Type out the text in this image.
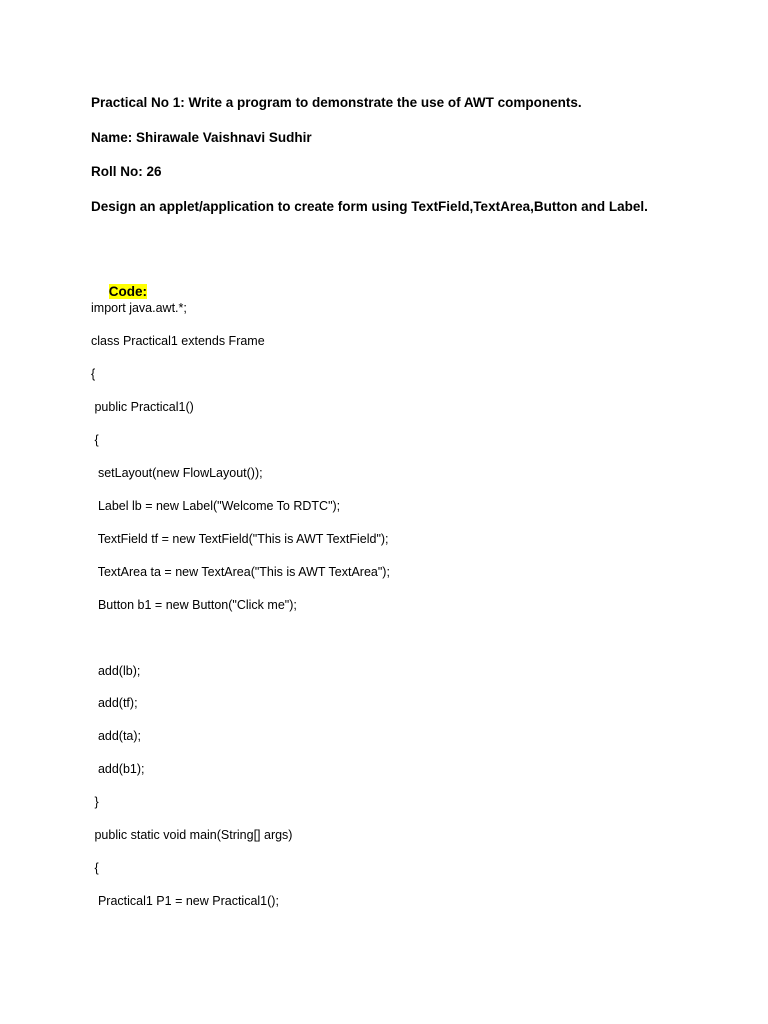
Practical No 1: Write a program to demonstrate the use of AWT components.
Name: Shirawale Vaishnavi Sudhir
Roll No: 26
Design an applet/application to create form using TextField,TextArea,Button and Label.

Code:

import java.awt.*;
class Practical1 extends Frame
{
public Practical1()
{
setLayout(new FlowLayout());
Label lb = new Label("Welcome To RDTC");
TextField tf = new TextField("This is AWT TextField");
TextArea ta = new TextArea("This is AWT TextArea");
Button b1 = new Button("Click me");
add(lb);
add(tf);
add(ta);
add(b1);
}
public static void main(String[] args)
{
Practical1 P1 = new Practical1();
